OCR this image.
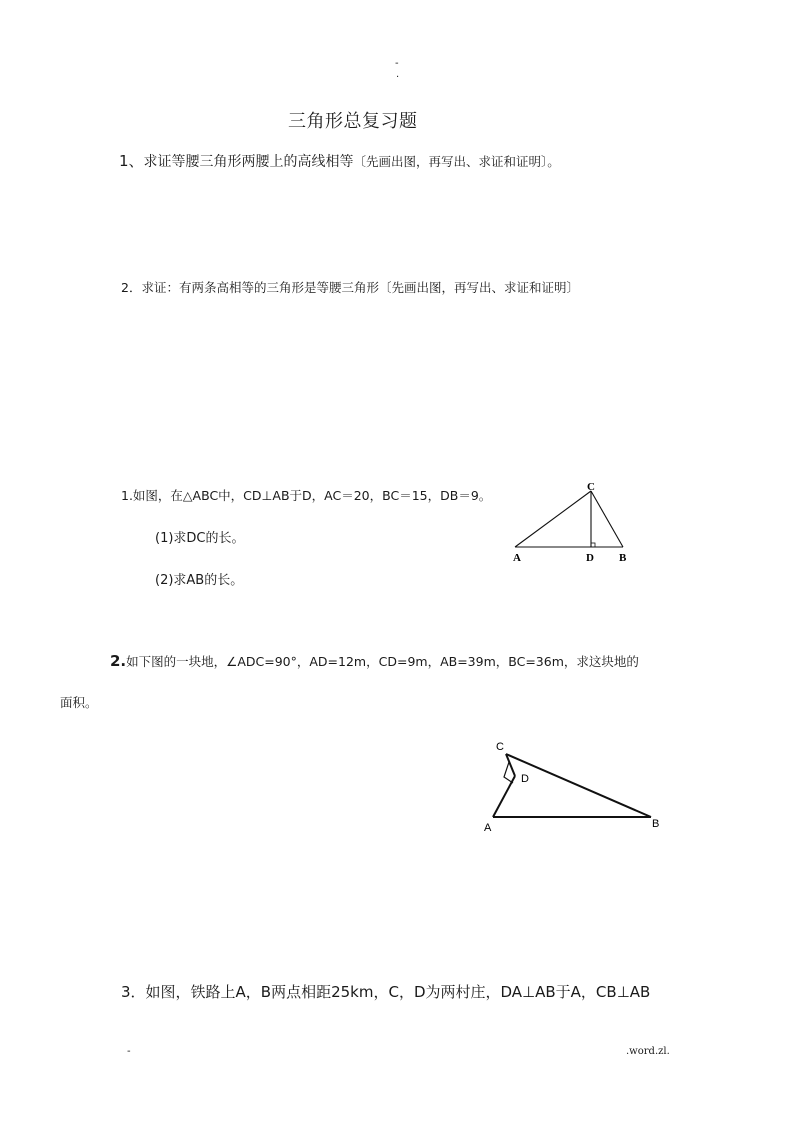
-
.
三角形总复习题
1、求证等腰三角形两腰上的高线相等〔先画出图，再写出、求证和证明〕。
2．求证：有两条高相等的三角形是等腰三角形〔先画出图，再写出、求证和证明〕
1.如图，在△ABC中，CD⊥AB于D，AC＝20，BC＝15，DB＝9。
(1)求DC的长。
(2)求AB的长。
C
A	D B
2.如下图的一块地，∠ADC=90°，AD=12m，CD=9m，AB=39m，BC=36m，求这块地的
面积。
C
D
A	B
3．如图，铁路上A，B两点相距25km，C，D为两村庄，DA⊥AB于A，CB⊥AB
-	.word.zl.
